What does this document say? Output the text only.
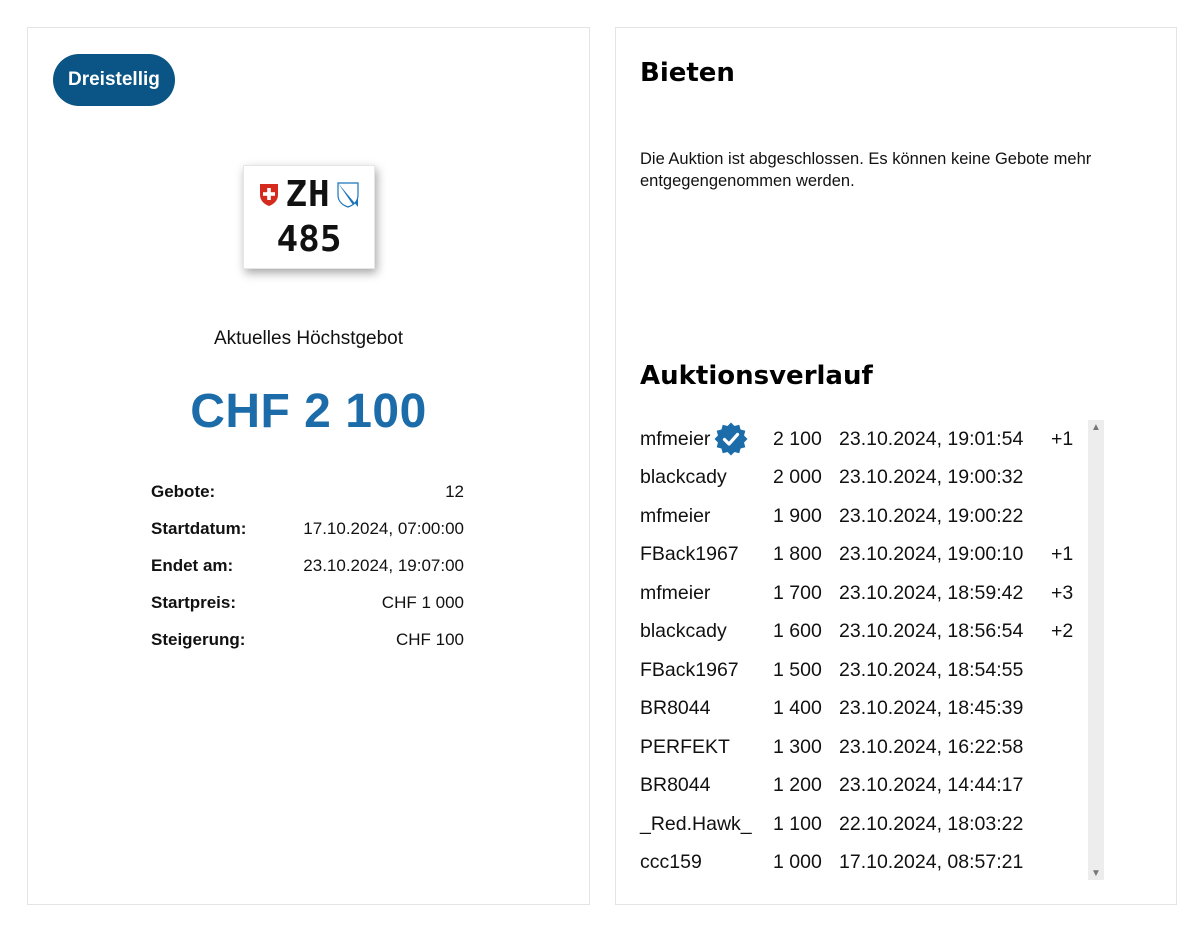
Dreistellig
ZH
485
Aktuelles Höchstgebot
CHF 2 100
Gebote:	12
Startdatum:	17.10.2024, 07:00:00
Endet am:	23.10.2024, 19:07:00
Startpreis:	CHF 1 000
Steigerung:	CHF 100
Bieten
Die Auktion ist abgeschlossen. Es können keine Gebote mehr entgegengenommen werden.
Auktionsverlauf
mfmeier	2 100 23.10.2024, 19:01:54	+1
blackcady 2 000 23.10.2024, 19:00:32
mfmeier	1 900 23.10.2024, 19:00:22
FBack1967 1 800 23.10.2024, 19:00:10	+1
mfmeier	1 700 23.10.2024, 18:59:42	+3
blackcady 1 600 23.10.2024, 18:56:54	+2
FBack1967 1 500 23.10.2024, 18:54:55
BR8044	1 400 23.10.2024, 18:45:39
PERFEKT 1 300 23.10.2024, 16:22:58
BR8044	1 200 23.10.2024, 14:44:17
_Red.Hawk_ 1 100 22.10.2024, 18:03:22
ccc159	1 000 17.10.2024, 08:57:21
▲
▼
